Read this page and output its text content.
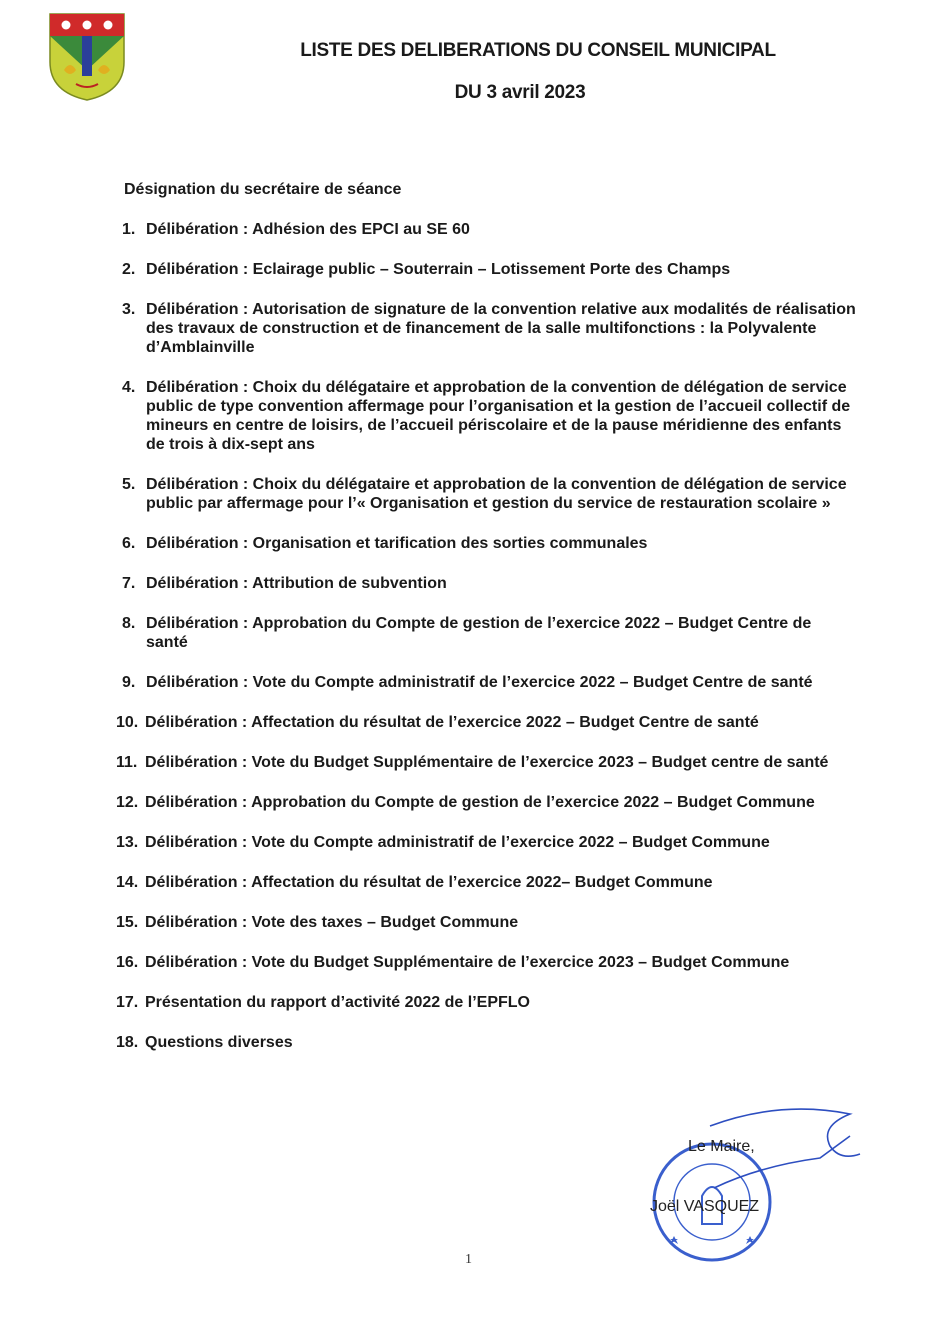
LISTE DES DELIBERATIONS DU CONSEIL MUNICIPAL
DU 3 avril 2023

Désignation du secrétaire de séance

1. Délibération : Adhésion des EPCI au SE 60
2. Délibération : Eclairage public – Souterrain – Lotissement Porte des Champs
3. Délibération : Autorisation de signature de la convention relative aux modalités de réalisation des travaux de construction et de financement de la salle multifonctions : la Polyvalente d’Amblainville
4. Délibération : Choix du délégataire et approbation de la convention de délégation de service public de type convention affermage pour l’organisation et la gestion de l’accueil collectif de mineurs en centre de loisirs, de l’accueil périscolaire et de la pause méridienne des enfants de trois à dix-sept ans
5. Délibération : Choix du délégataire et approbation de la convention de délégation de service public par affermage pour l’« Organisation et gestion du service de restauration scolaire »
6. Délibération : Organisation et tarification des sorties communales
7. Délibération : Attribution de subvention
8. Délibération : Approbation du Compte de gestion de l’exercice 2022 – Budget Centre de santé
9. Délibération : Vote du Compte administratif de l’exercice 2022 – Budget Centre de santé
10. Délibération : Affectation du résultat de l’exercice 2022 – Budget Centre de santé
11. Délibération : Vote du Budget Supplémentaire de l’exercice 2023 – Budget centre de santé
12. Délibération : Approbation du Compte de gestion de l’exercice 2022 – Budget Commune
13. Délibération : Vote du Compte administratif de l’exercice 2022 – Budget Commune
14. Délibération : Affectation du résultat de l’exercice 2022– Budget Commune
15. Délibération : Vote des taxes – Budget Commune
16. Délibération : Vote du Budget Supplémentaire de l’exercice 2023 – Budget Commune
17. Présentation du rapport d’activité 2022 de l’EPFLO
18. Questions diverses
Le Maire,
Joël VASQUEZ
1
